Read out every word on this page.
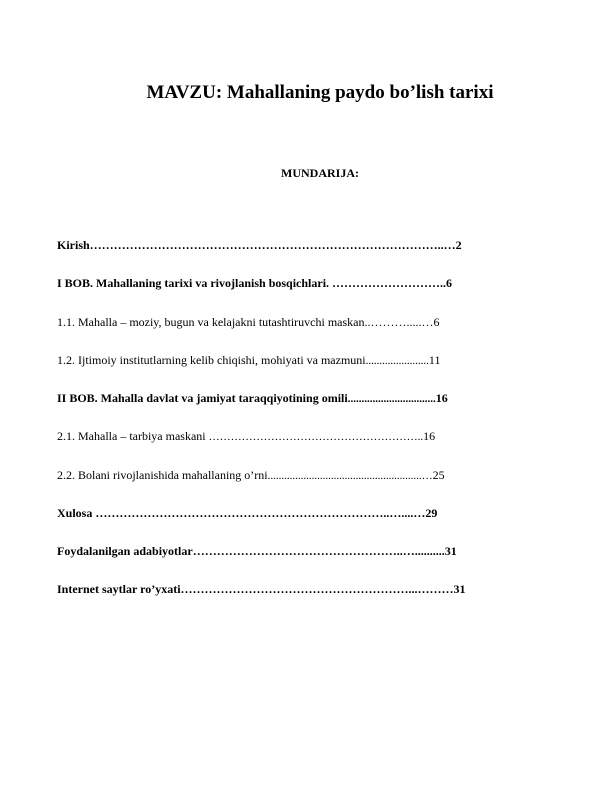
MAVZU: Mahallaning paydo bo’lish tarixi
MUNDARIJA:
Kirish……………………………………………………………………………..…2
I BOB. Mahallaning tarixi va rivojlanish bosqichlari. ………………………..6
1.1. Mahalla – moziy, bugun va kelajakni tutashtiruvchi maskan..……….....…6
1.2. Ijtimoiy institutlarning kelib chiqishi, mohiyati va mazmuni.......................11
II BOB. Mahalla davlat va jamiyat taraqqiyotining omili................................16
2.1. Mahalla – tarbiya maskani …………………………………………………..16
2.2. Bolani rivojlanishida mahallaning o’rni........................................................…25
Xulosa ………………………………………………………………..…....…29
Foydalanilgan adabiyotlar……………………………………………..…..........31
Internet saytlar ro’yxati…………………………………………………...………31
